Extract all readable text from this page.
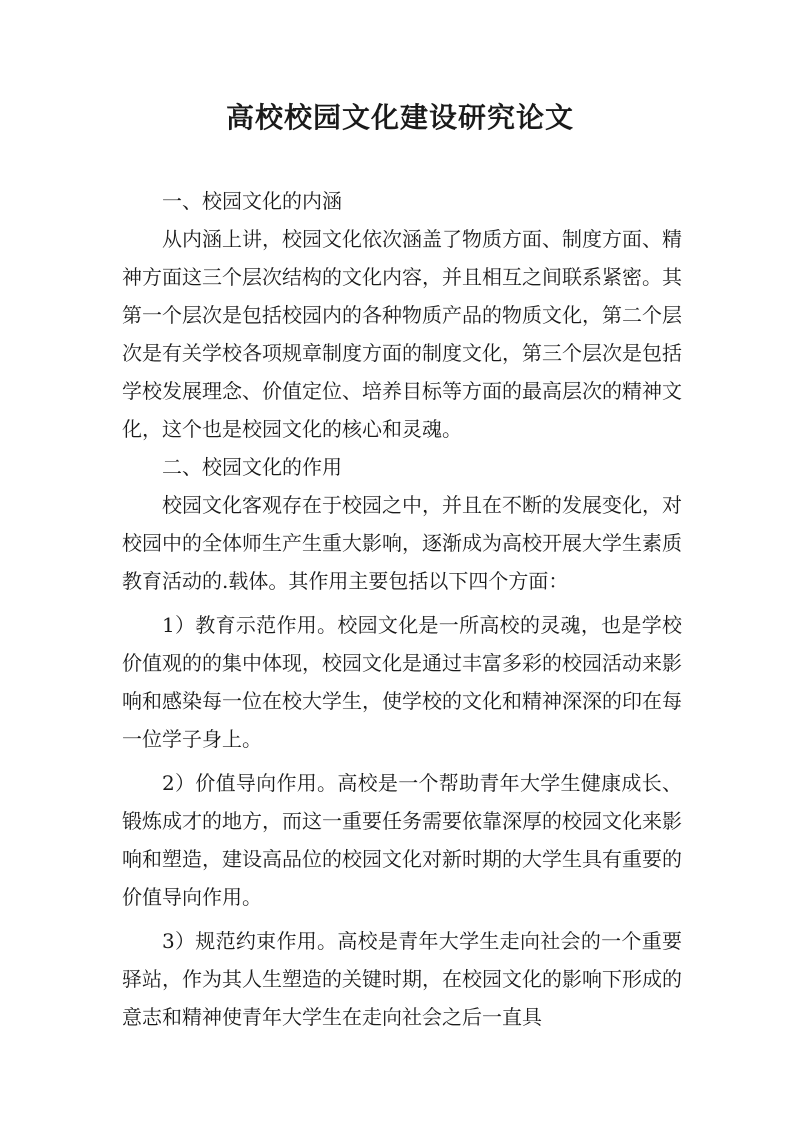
高校校园文化建设研究论文

一、校园文化的内涵

从内涵上讲，校园文化依次涵盖了物质方面、制度方面、精神方面这三个层次结构的文化内容，并且相互之间联系紧密。其第一个层次是包括校园内的各种物质产品的物质文化，第二个层次是有关学校各项规章制度方面的制度文化，第三个层次是包括学校发展理念、价值定位、培养目标等方面的最高层次的精神文化，这个也是校园文化的核心和灵魂。

二、校园文化的作用

校园文化客观存在于校园之中，并且在不断的发展变化，对校园中的全体师生产生重大影响，逐渐成为高校开展大学生素质教育活动的.载体。其作用主要包括以下四个方面：

1）教育示范作用。校园文化是一所高校的灵魂，也是学校价值观的的集中体现，校园文化是通过丰富多彩的校园活动来影响和感染每一位在校大学生，使学校的文化和精神深深的印在每一位学子身上。

2）价值导向作用。高校是一个帮助青年大学生健康成长、锻炼成才的地方，而这一重要任务需要依靠深厚的校园文化来影响和塑造，建设高品位的校园文化对新时期的大学生具有重要的价值导向作用。

3）规范约束作用。高校是青年大学生走向社会的一个重要驿站，作为其人生塑造的关键时期，在校园文化的影响下形成的意志和精神使青年大学生在走向社会之后一直具
